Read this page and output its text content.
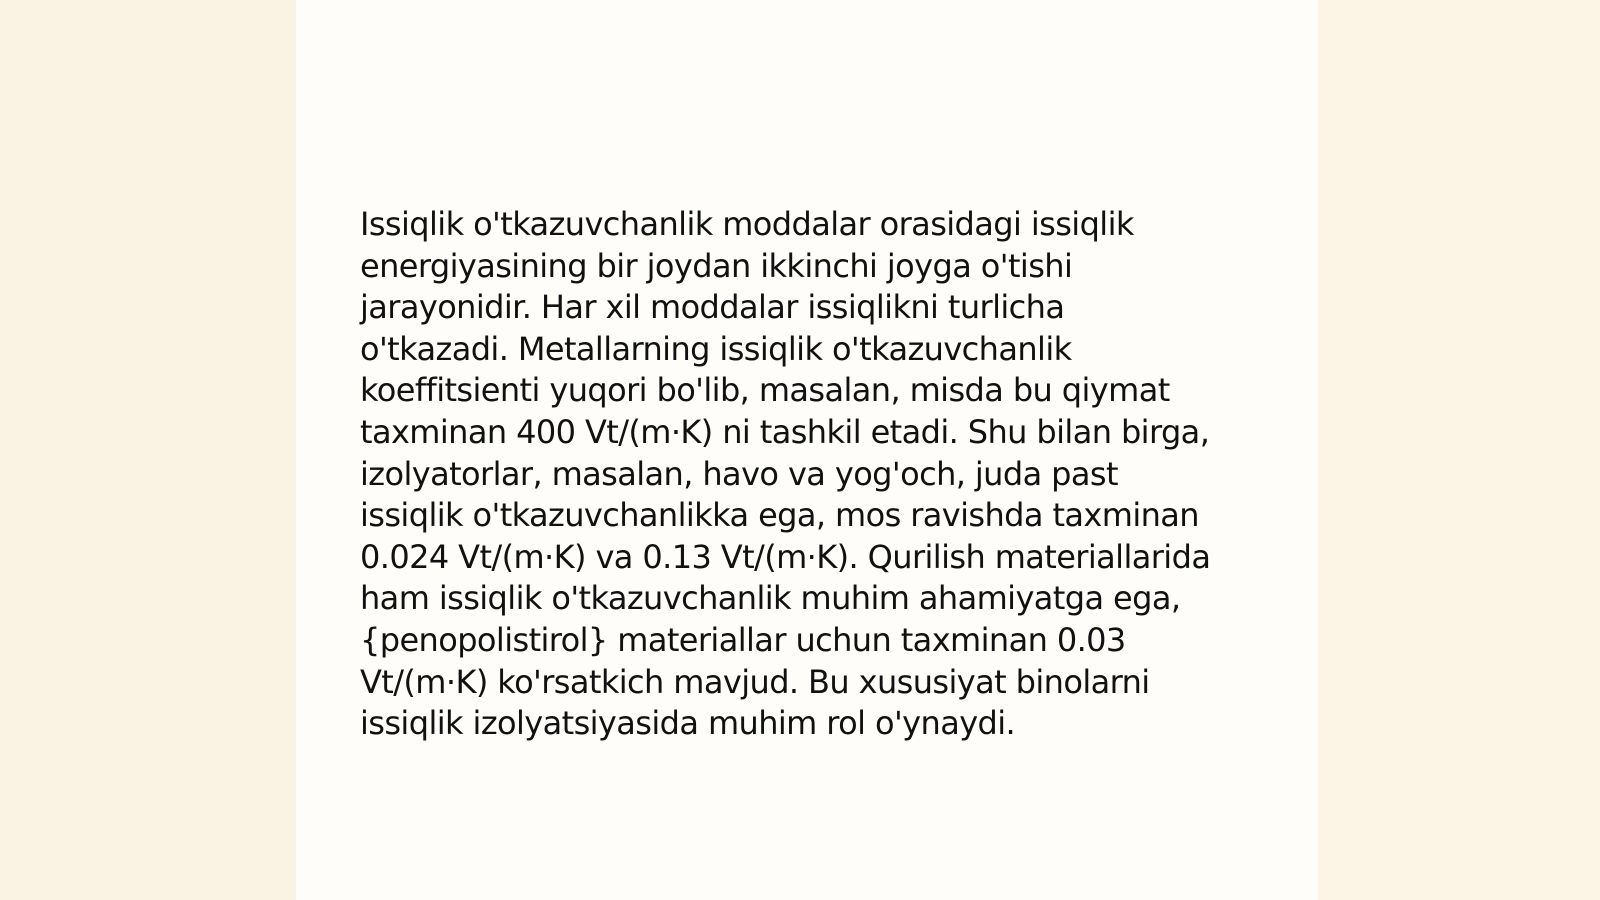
Issiqlik o'tkazuvchanlik moddalar orasidagi issiqlik
energiyasining bir joydan ikkinchi joyga o'tishi
jarayonidir. Har xil moddalar issiqlikni turlicha
o'tkazadi. Metallarning issiqlik o'tkazuvchanlik
koeffitsienti yuqori bo'lib, masalan, misda bu qiymat
taxminan 400 Vt/(m·K) ni tashkil etadi. Shu bilan birga,
izolyatorlar, masalan, havo va yog'och, juda past
issiqlik o'tkazuvchanlikka ega, mos ravishda taxminan
0.024 Vt/(m·K) va 0.13 Vt/(m·K). Qurilish materiallarida
ham issiqlik o'tkazuvchanlik muhim ahamiyatga ega,
{penopolistirol} materiallar uchun taxminan 0.03
Vt/(m·K) ko'rsatkich mavjud. Bu xususiyat binolarni
issiqlik izolyatsiyasida muhim rol o'ynaydi.
